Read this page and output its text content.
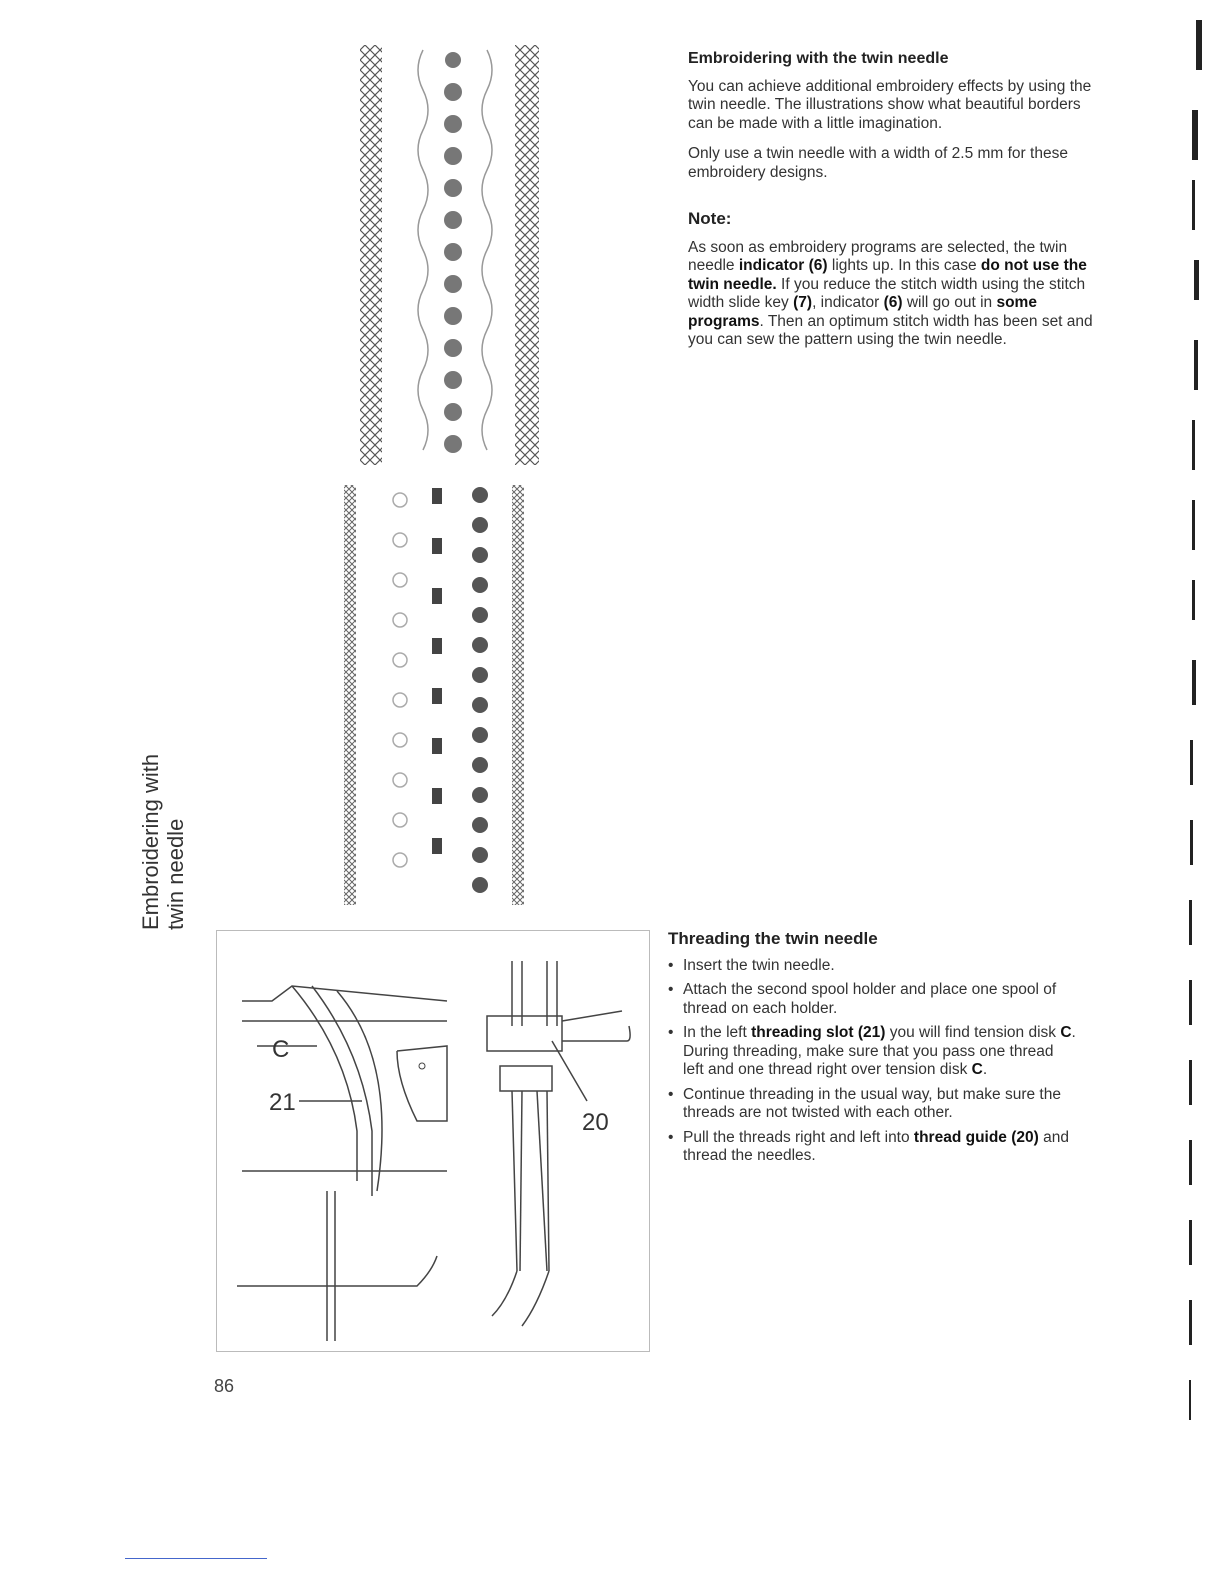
Embroidering with twin needle
Embroidering with the twin needle

You can achieve additional embroidery effects by using the twin needle. The illustrations show what beautiful borders can be made with a little imagination.

Only use a twin needle with a width of 2.5 mm for these embroidery designs.

Note:

As soon as embroidery programs are selected, the twin needle indicator (6) lights up. In this case do not use the twin needle. If you reduce the stitch width using the stitch width slide key (7), indicator (6) will go out in some programs. Then an optimum stitch width has been set and you can sew the pattern using the twin needle.

Threading the twin needle
• Insert the twin needle.
• Attach the second spool holder and place one spool of thread on each holder.
• In the left threading slot (21) you will find tension disk C. During threading, make sure that you pass one thread left and one thread right over tension disk C.
• Continue threading in the usual way, but make sure the threads are not twisted with each other.
• Pull the threads right and left into thread guide (20) and thread the needles.
C
21
20
86
